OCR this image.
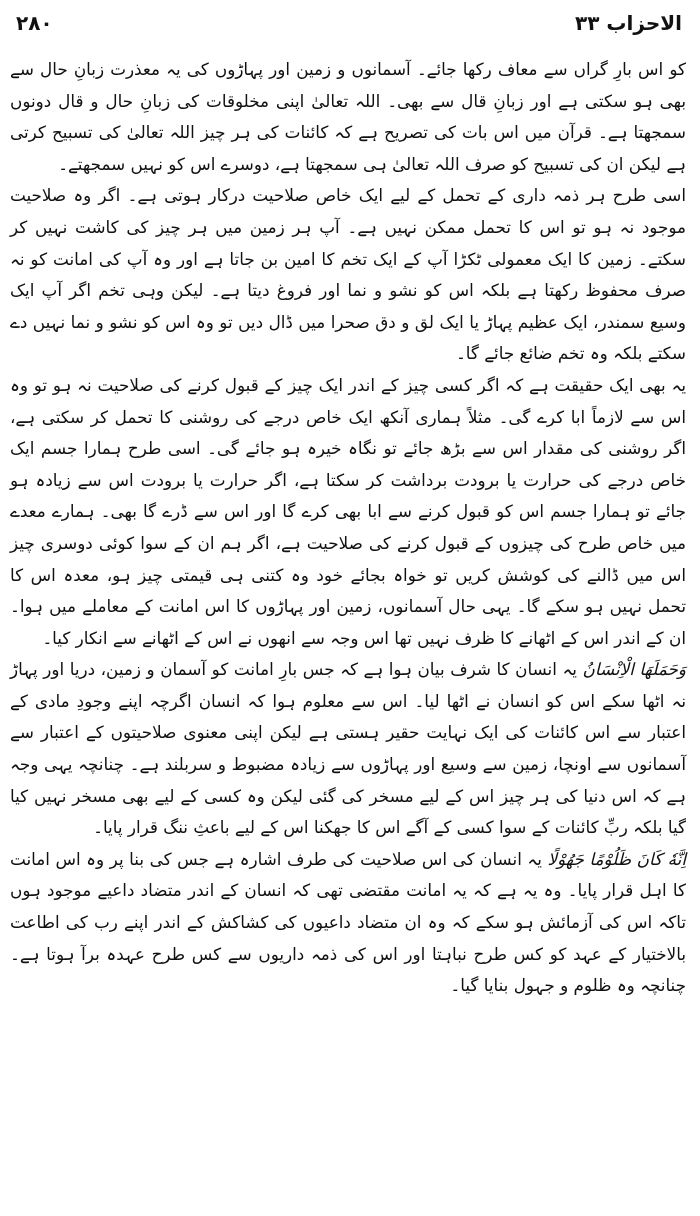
۲۸۰	الاحزاب ۳۳

کو اس بارِ گراں سے معاف رکھا جائے۔ آسمانوں و زمین اور پہاڑوں کی یہ معذرت زبانِ حال سے بھی ہو سکتی ہے اور زبانِ قال سے بھی۔ اللہ تعالیٰ اپنی مخلوقات کی زبانِ حال و قال دونوں سمجھتا ہے۔ قرآن میں اس بات کی تصریح ہے کہ کائنات کی ہر چیز اللہ تعالیٰ کی تسبیح کرتی ہے لیکن ان کی تسبیح کو صرف اللہ تعالیٰ ہی سمجھتا ہے، دوسرے اس کو نہیں سمجھتے۔

اسی طرح ہر ذمہ داری کے تحمل کے لیے ایک خاص صلاحیت درکار ہوتی ہے۔ اگر وہ صلاحیت موجود نہ ہو تو اس کا تحمل ممکن نہیں ہے۔ آپ ہر زمین میں ہر چیز کی کاشت نہیں کر سکتے۔ زمین کا ایک معمولی ٹکڑا آپ کے ایک تخم کا امین بن جاتا ہے اور وہ آپ کی امانت کو نہ صرف محفوظ رکھتا ہے بلکہ اس کو نشو و نما اور فروغ دیتا ہے۔ لیکن وہی تخم اگر آپ ایک وسیع سمندر، ایک عظیم پہاڑ یا ایک لق و دق صحرا میں ڈال دیں تو وہ اس کو نشو و نما نہیں دے سکتے بلکہ وہ تخم ضائع جائے گا۔

یہ بھی ایک حقیقت ہے کہ اگر کسی چیز کے اندر ایک چیز کے قبول کرنے کی صلاحیت نہ ہو تو وہ اس سے لازماً ابا کرے گی۔ مثلاً ہماری آنکھ ایک خاص درجے کی روشنی کا تحمل کر سکتی ہے، اگر روشنی کی مقدار اس سے بڑھ جائے تو نگاہ خیرہ ہو جائے گی۔ اسی طرح ہمارا جسم ایک خاص درجے کی حرارت یا برودت برداشت کر سکتا ہے، اگر حرارت یا برودت اس سے زیادہ ہو جائے تو ہمارا جسم اس کو قبول کرنے سے ابا بھی کرے گا اور اس سے ڈرے گا بھی۔ ہمارے معدے میں خاص طرح کی چیزوں کے قبول کرنے کی صلاحیت ہے، اگر ہم ان کے سوا کوئی دوسری چیز اس میں ڈالنے کی کوشش کریں تو خواہ بجائے خود وہ کتنی ہی قیمتی چیز ہو، معدہ اس کا تحمل نہیں ہو سکے گا۔ یہی حال آسمانوں، زمین اور پہاڑوں کا اس امانت کے معاملے میں ہوا۔ ان کے اندر اس کے اٹھانے کا ظرف نہیں تھا اس وجہ سے انھوں نے اس کے اٹھانے سے انکار کیا۔

وَحَمَلَهَا الْاِنْسَانُ یہ انسان کا شرف بیان ہوا ہے کہ جس بارِ امانت کو آسمان و زمین، دریا اور پہاڑ نہ اٹھا سکے اس کو انسان نے اٹھا لیا۔ اس سے معلوم ہوا کہ انسان اگرچہ اپنے وجودِ مادی کے اعتبار سے اس کائنات کی ایک نہایت حقیر ہستی ہے لیکن اپنی معنوی صلاحیتوں کے اعتبار سے آسمانوں سے اونچا، زمین سے وسیع اور پہاڑوں سے زیادہ مضبوط و سربلند ہے۔ چنانچہ یہی وجہ ہے کہ اس دنیا کی ہر چیز اس کے لیے مسخر کی گئی لیکن وہ کسی کے لیے بھی مسخر نہیں کیا گیا بلکہ ربِّ کائنات کے سوا کسی کے آگے اس کا جھکنا اس کے لیے باعثِ ننگ قرار پایا۔

اِنَّهٗ كَانَ ظَلُوْمًا جَهُوْلًا یہ انسان کی اس صلاحیت کی طرف اشارہ ہے جس کی بنا پر وہ اس امانت کا اہل قرار پایا۔ وہ یہ ہے کہ یہ امانت مقتضی تھی کہ انسان کے اندر متضاد داعیے موجود ہوں تاکہ اس کی آزمائش ہو سکے کہ وہ ان متضاد داعیوں کی کشاکش کے اندر اپنے رب کی اطاعت بالاختیار کے عہد کو کس طرح نباہتا اور اس کی ذمہ داریوں سے کس طرح عہدہ برآ ہوتا ہے۔ چنانچہ وہ ظلوم و جہول بنایا گیا۔
